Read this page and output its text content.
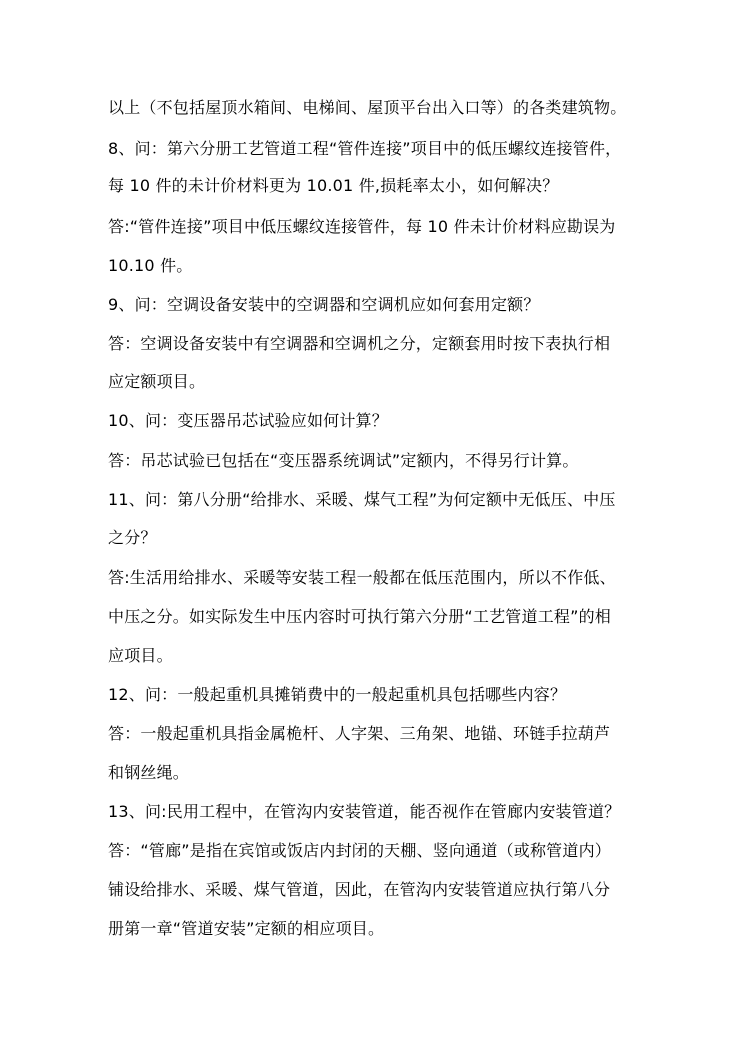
以上（不包括屋顶水箱间、电梯间、屋顶平台出入口等）的各类建筑物。
8、问：第六分册工艺管道工程“管件连接”项目中的低压螺纹连接管件，
每 10 件的未计价材料更为 10.01 件,损耗率太小，如何解决？
答:“管件连接”项目中低压螺纹连接管件，每 10 件未计价材料应勘误为
10.10 件。
9、问：空调设备安装中的空调器和空调机应如何套用定额？
答：空调设备安装中有空调器和空调机之分，定额套用时按下表执行相
应定额项目。
10、问：变压器吊芯试验应如何计算？
答：吊芯试验已包括在“变压器系统调试”定额内，不得另行计算。
11、问：第八分册“给排水、采暖、煤气工程”为何定额中无低压、中压
之分？
答:生活用给排水、采暖等安装工程一般都在低压范围内，所以不作低、
中压之分。如实际发生中压内容时可执行第六分册“工艺管道工程”的相
应项目。
12、问：一般起重机具摊销费中的一般起重机具包括哪些内容？
答：一般起重机具指金属桅杆、人字架、三角架、地锚、环链手拉葫芦
和钢丝绳。
13、问:民用工程中，在管沟内安装管道，能否视作在管廊内安装管道？
答：“管廊”是指在宾馆或饭店内封闭的天棚、竖向通道（或称管道内）
铺设给排水、采暖、煤气管道，因此，在管沟内安装管道应执行第八分
册第一章“管道安装”定额的相应项目。
